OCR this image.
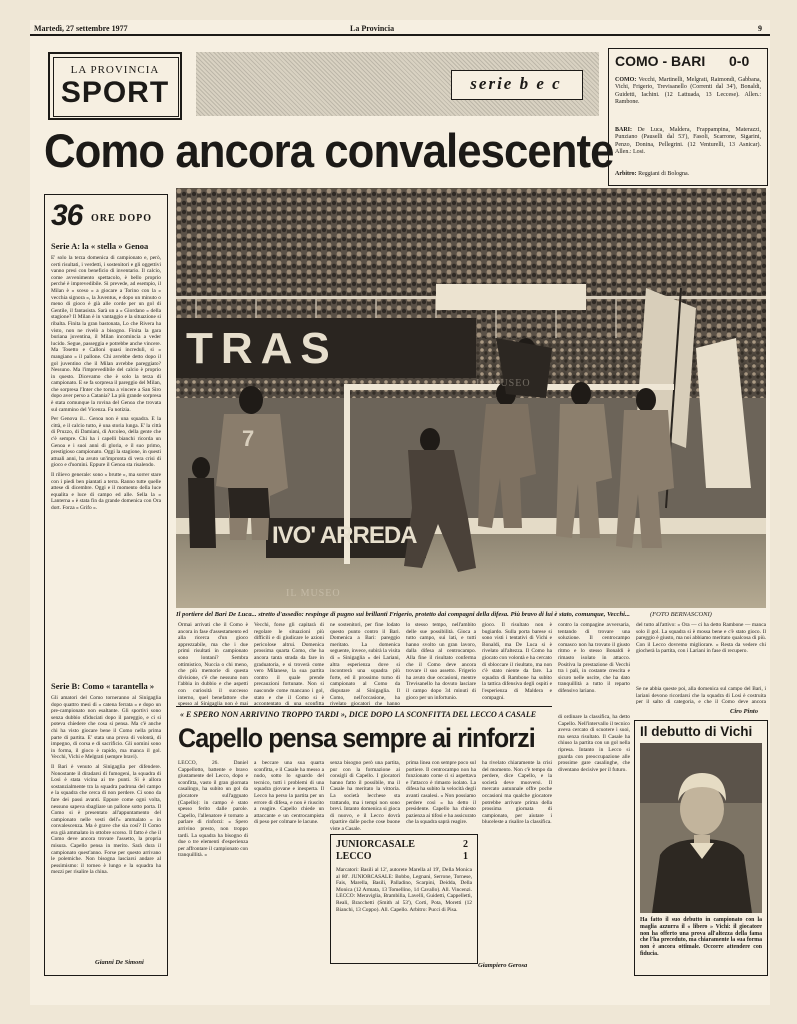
Martedì, 27 settembre 1977	La Provincia	9
LA PROVINCIA
SPORT	serie b e c
Como ancora convalescente
COMO - BARI 0-0
COMO: Vecchi, Martinelli, Melgrati, Raimondi, Gabbana, Vichi, Frigerio, Trevisanello (Correnti dal 34'), Bonaldi, Guidetti, Iachini. (12 Lattuada, 13 Leccese). Allen.: Rambone.
BARI: De Luca, Maldera, Frappampina, Materazzi, Punziano (Pauselli dal 53'), Fasoli, Scarrone, Sigarini, Penzo, Donina, Pellegrini. (12 Venturelli, 13 Asnicar). Allen.: Losi.
Arbitro: Reggiani di Bologna.
36 ORE DOPO
Serie A: la « stella » Genoa

E' solo la terza domenica di campionato e, però, certi risultati, i verdetti, i sostenitori e gli oggettivi vanno presi con beneficio di inventario. Il calcio, come avvenimento spettacolo, è bello proprio perché è imprevedibile. Si prevede, ad esempio, il Milan è « sceso » a giocare a Torino con la « vecchia signora », la Juventus, e dopo un minuto o meno di gioco è già alle corde per un gol di Gentile, il fantasista. Sarà un a « Giordano » della stagione? Il Milan è in vantaggio e la situazione si ribalta. Finita la gran bastonata, Lo che Rivera ha visto, non ne rivelò a bisogno. Finita la gara buriana juventina, il Milan incomincia a veder lucido. Segue, passeggia e potrebbe anche vincere. Ma Tosetto e Calloni quasi increduli, si « mangiano » il pallone. Chi avrebbe detto dopo il gol juventino che il Milan avrebbe pareggiato? Nessuno. Ma l'imprevedibile del calcio è proprio in questo. Dicevamo che è solo la terza di campionato. E se fa sorpresa il pareggio del Milan, che sorpresa l'Inter che torna a vincere a San Siro dopo aver perso a Catania? La più grande sorpresa è stata comunque la rovina del Genoa che trovata sul cammino del Vicenza. Fa notizia.

Per Genova il... Genoa non è una squadra. E la città, e il calcio tutto, è una storia lunga. E' la città di Pruzzo, di Damiani, di Arcoleo, della gente che c'è sempre. Chi ha i capelli bianchi ricorda un Genoa e i suoi anni di gloria, e il suo primo, prestigioso campionato. Oggi la stagione, in questi attuali anni, ha avuto un'impronta di vera crisi di gioco e d'uomini. Eppure il Genoa sta risalendo.

Il rilievo generale: sono « brutte », ma sorrer stare con i piedi ben piantati a terra. Ranno tutte quelle attese di dicembre. Oggi e il momento della luce equalita e luce di campo ed alle. Sella la « Lanterna » è stata fin da grande domenica con Ora dort. Forza « Grifo ».

Serie B: Como « tarantella »

Gli amatori del Como torneranno al Sinigaglia dopo quattro mesi di « catena ferrata » e dopo un pre-campionato non esaltante. Gli sportivi sono senza dubbio sfiduciati dopo il pareggio, e ci si poteva chiedere che cosa si pensa. Ma c'è anche chi ha visto giocare bene il Como nella prima parte di partita. E' stata una prova di volontà, di impegno, di corsa e di sacrificio. Gli uomini sono in forma, il gioco è rapido, ma manca il gol. Vecchi, Vichi e Melgrati (sempre bravi).

Il Bari è venuto al Sinigaglia per difendere. Nonostante il diradarsi di fumogeni, la squadra di Losi è stata vicina ai tre punti. Si è allora sostanzialmente tra la squadra padrona del campo e la squadra che cerca di non perdere. Ci sono da fare dei passi avanti. Eppure come ogni volta, nessuno sapeva sbagliare un pallone sotto porta. Il Como si è presentato all'appuntamento del campionato nelle vesti dell'« ammalato » in convalescenza. Ma è grave che sia così? Il Como era già ammalato in ottobre scorso. Il fatto è che il Como deve ancora trovare l'assetto, la propria misura. Capello pensa in merito. Sarà dura il campionato quest'anno. Forse per questo arrivano le polemiche. Non bisogna lasciarsi andare al pessimismo: il torneo è lungo e la squadra ha mezzi per risalire la china.

Gianni De Simoni
TRAS
IVO' ARREDA
7
IL MUSEO
IL MUSEO
Il portiere del Bari De Luca... stretto d'assedio: respinge di pugno sui brillanti Frigerio, protetto dai compagni della difesa. Più bravo di lui è stato, comunque, Vecchi...
Ormai arrivati che il Como è ancora in fase d'assestamento ed alla ricerca d'un gioco apprezzabile, ma che i due primi risultati in campionato sono lontani? Sembra ottimistico, Nuccia o chi meno, che più memorie di questa divisione, c'è che nessuno non l'abbia in dubbio e che aspetti con curiosità il successo interno, quel benefattore che spesso al Sinigaglia non è mai
Vecchi, forse gli capitarà di regolare le situazioni più difficili e di giudicare le azioni pericolose altrui. Domenica prossima quarta Como, che ha ancora tanta strada da fare in graduatoria, e si troverà come vero Milanese, la sua partita contro il quale prende precauzioni fortunate. Non si nasconde come mancano i gol, stato e che il Como si è accontentato di una sconfitta
ne sostenitori, per fine lodato questo punto contro il Bari. Domenica a Bari: pareggio meritato. La domenica seguente, invece, subirà la visita di « Sinigaglia » dei Lariani, altra esperienza dove si incontrerà una squadra più forte, ed il prossimo turno di campionato al Como da disputare al Sinigaglia. Il Como, nell'occasione, ha rivelato giocatori che hanno
lo stesso tempo, nell'ambito delle sue possibilità. Gioca a tutto campo, sui lati, e tutti hanno svolto un gran lavoro, dalla difesa al centrocampo. Alla fine il risultato conferma che il Como deve ancora trovare il suo assetto. Frigerio ha avuto due occasioni, mentre Trevisanello ha dovuto lasciare il campo dopo 34 minuti di gioco per un infortunio.
gioco. Il risultato non è bugiardo. Sulla porta barese si sono visti i tentativi di Vichi e Bonaldi, ma De Luca si è rivelato all'altezza. Il Como ha giocato con volontà e ha cercato di sbloccare il risultato, ma non c'è stato niente da fare. La squadra di Rambone ha subito la tattica difensiva degli ospiti e l'esperienza di Maldera e compagni.
contro la compagine avversaria, tentando di trovare una soluzione. Il centrocampo comasco non ha trovato il giusto ritmo e lo stesso Bonaldi è rimasto isolato in attacco. Positiva la prestazione di Vecchi tra i pali, in costante crescita e sicuro nelle uscite, che ha dato tranquillità a tutto il reparto difensivo lariano.
del tutto all'attivo: « Ora — ci ha detto Rambone — manca solo il gol. La squadra si è mossa bene e c'è stato gioco. Il pareggio è giusto, ma noi abbiamo meritato qualcosa di più. Con il Lecco dovremo migliorare. » Resta da vedere chi giocherà la partita, con i Lariani in fase di recupero.
Se ne abbia queste poi, alla domenica sul campo del Bari, i lariani devono ricordarsi che la squadra di Losi è costruita per il salto di categoria, e che il Como deve ancora
Ciro Pinto
di ordinare la classifica, ha detto Capello. Nell'intervallo il tecnico aveva cercato di scuotere i suoi, ma senza risultato. Il Casale ha chiuso la partita con un gol nella ripresa. Intanto in Lecco si guarda con preoccupazione alle prossime gare casalinghe, che diventano decisive per il futuro.
« E SPERO NON ARRIVINO TROPPO TARDI », DICE DOPO LA SCONFITTA DEL LECCO A CASALE
Capello pensa sempre ai rinforzi
LECCO, 26. Daniel Cappellotto, battente e bravo giustamente del Lecco, dopo e sconfitta, vasto il gran giornata casalingo, ha subito un gol da giocatore sull'agguato (Capello): in campo è stato spesso ferito dalle parole. Capello, l'allenatore è tornato a parlare di rinforzi: « Spero arrivino presto, non troppo tardi. La squadra ha bisogno di due o tre elementi d'esperienza per affrontare il campionato con tranquillità. »
a beccare una sua quarta sconfitta, e il Casale ha messo a nudo, sotto lo sguardo del tecnico, tutti i problemi di una squadra giovane e inesperta. Il Lecco ha perso la partita per un errore di difesa, e non è riuscito a reagire. Capello chiede un attaccante e un centrocampista di peso per colmare le lacune.
senza bisogno però una partita, pur con la formazione ai consigli di Capello. I giocatori hanno fatto il possibile, ma il Casale ha meritato la vittoria. La società lecchese sta trattando, ma i tempi non sono brevi. Intanto domenica si gioca di nuovo, e il Lecco dovrà ripartire dalle poche cose buone viste a Casale.
prima linea con sempre poco sul portiere. Il centrocampo non ha funzionato come ci si aspettava e l'attacco è rimasto isolato. La difesa ha subito la velocità degli avanti casalesi. « Non possiamo perdere così » ha detto il presidente. Capello ha chiesto pazienza ai tifosi e ha assicurato che la squadra saprà reagire.
ha rivelato chiaramente la crisi del momento. Non c'è tempo da perdere, dice Capello, e la società deve muoversi. Il mercato autunnale offre poche occasioni ma qualche giocatore potrebbe arrivare prima della prossima giornata di campionato, per aiutare i bluceleste a risalire la classifica.
JUNIORCASALE	2
LECCO	1
Marcatori: Basili al 12', autorete Marella al 19', Della Monica al 80'. JUNIORCASALE: Bobbo, Legnani, Serrone, Tornese, Fais, Marella, Basili, Palladino, Scarpini, Deidda, Della Monica (12 Armata, 13 Tomellino, 14 Cavallo). All. Vincenzi. LECCO: Meraviglia, Brambilla, Lavelli, Guidetti, Cappelletti, Reali, Bracchetti (Smith al 53'), Corti, Pota, Moretti (12 Bianchi, 13 Coppo). All. Capello. Arbitro: Pucci di Pisa.
Giampiero Gerosa
Il debutto di Vichi
Ha fatto il suo debutto in campionato con la maglia azzurra il « libero » Vichi: il giocatore non ha offerto una prova all'altezza della fama che l'ha preceduto, ma chiaramente la sua forma non è ancora ottimale. Occorre attendere con fiducia.
(FOTO BERNASCONI)
